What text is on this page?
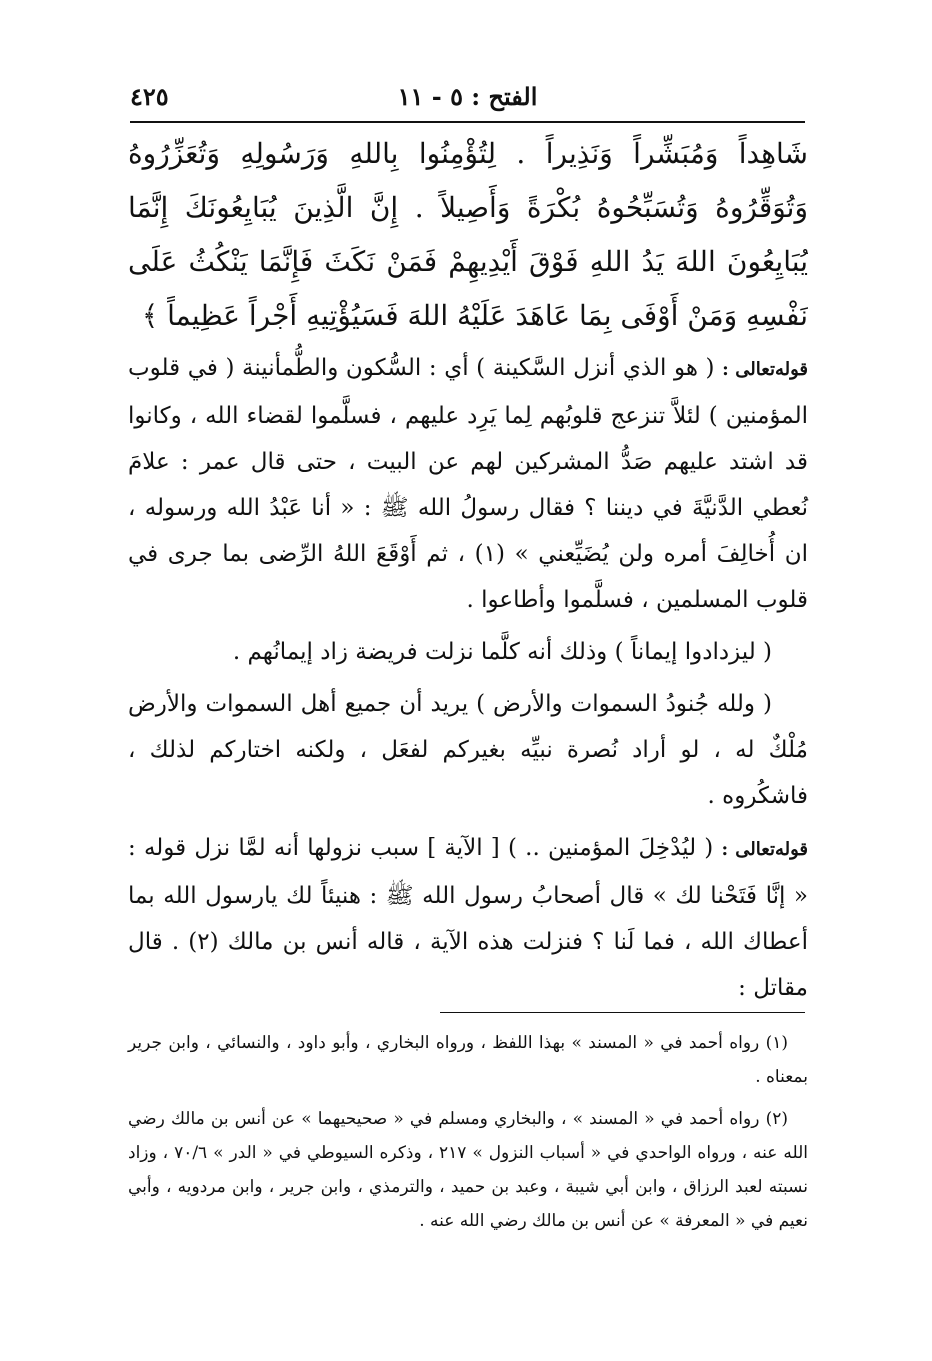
الفتح : ٥ - ١١
٤٢٥
شَاهِداً وَمُبَشِّراً وَنَذِيراً . لِتُؤْمِنُوا بِاللهِ وَرَسُولِهِ وَتُعَزِّرُوهُ
وَتُوَقِّرُوهُ وَتُسَبِّحُوهُ بُكْرَةً وَأَصِيلاً . إِنَّ الَّذِينَ يُبَايِعُونَكَ إِنَّمَا
يُبَايِعُونَ اللهَ يَدُ اللهِ فَوْقَ أَيْدِيهِمْ فَمَنْ نَكَثَ فَإِنَّمَا يَنْكُثُ عَلَى
نَفْسِهِ وَمَنْ أَوْفَى بِمَا عَاهَدَ عَلَيْهُ اللهَ فَسَيُؤْتِيهِ أَجْراً عَظِيماً ﴾

قوله‌تعالى : ( هو الذي أنزل السَّكينة ) أي : السُّكون والطُّمأنينة ( في قلوب المؤمنين ) لئلاَّ تنزعج قلوبُهم لِما يَرِد عليهم ، فسلَّموا لقضاء الله ، وكانوا قد اشتد عليهم صَدُّ المشركين لهم عن البيت ، حتى قال عمر : علامَ نُعطي الدَّنيَّةَ في ديننا ؟ فقال رسولُ الله ﷺ : « أنا عَبْدُ الله ورسوله ، ان أُخالِفَ أمره ولن يُضَيِّعني » (١) ، ثم أَوْقَعَ اللهُ الرِّضى بما جرى في قلوب المسلمين ، فسلَّموا وأطاعوا .

( ليزدادوا إيماناً ) وذلك أنه كلَّما نزلت فريضة زاد إيمانُهم .

( ولله جُنودُ السموات والأرض ) يريد أن جميع أهل السموات والأرض مُلْكٌ له ، لو أراد نُصرة نبيِّه بغيركم لفعَل ، ولكنه اختاركم لذلك ، فاشكُروه .

قوله‌تعالى : ( ليُدْخِلَ المؤمنين .. ) [ الآية ] سبب نزولها أنه لمَّا نزل قوله : « إنَّا فَتَحْنا لك » قال أصحابُ رسول الله ﷺ : هنيئاً لك يارسول الله بما أعطاك الله ، فما لَنا ؟ فنزلت هذه الآية ، قاله أنس بن مالك (٢) . قال مقاتل :

(١) رواه أحمد في « المسند » بهذا اللفظ ، ورواه البخاري ، وأبو داود ، والنسائي ، وابن جرير بمعناه .

(٢) رواه أحمد في « المسند » ، والبخاري ومسلم في « صحيحيهما » عن أنس بن مالك رضي الله عنه ، ورواه الواحدي في « أسباب النزول » ٢١٧ ، وذكره السيوطي في « الدر » ٧٠/٦ ، وزاد نسبته لعبد الرزاق ، وابن أبي شيبة ، وعبد بن حميد ، والترمذي ، وابن جرير ، وابن مردويه ، وأبي نعيم في « المعرفة » عن أنس بن مالك رضي الله عنه .
